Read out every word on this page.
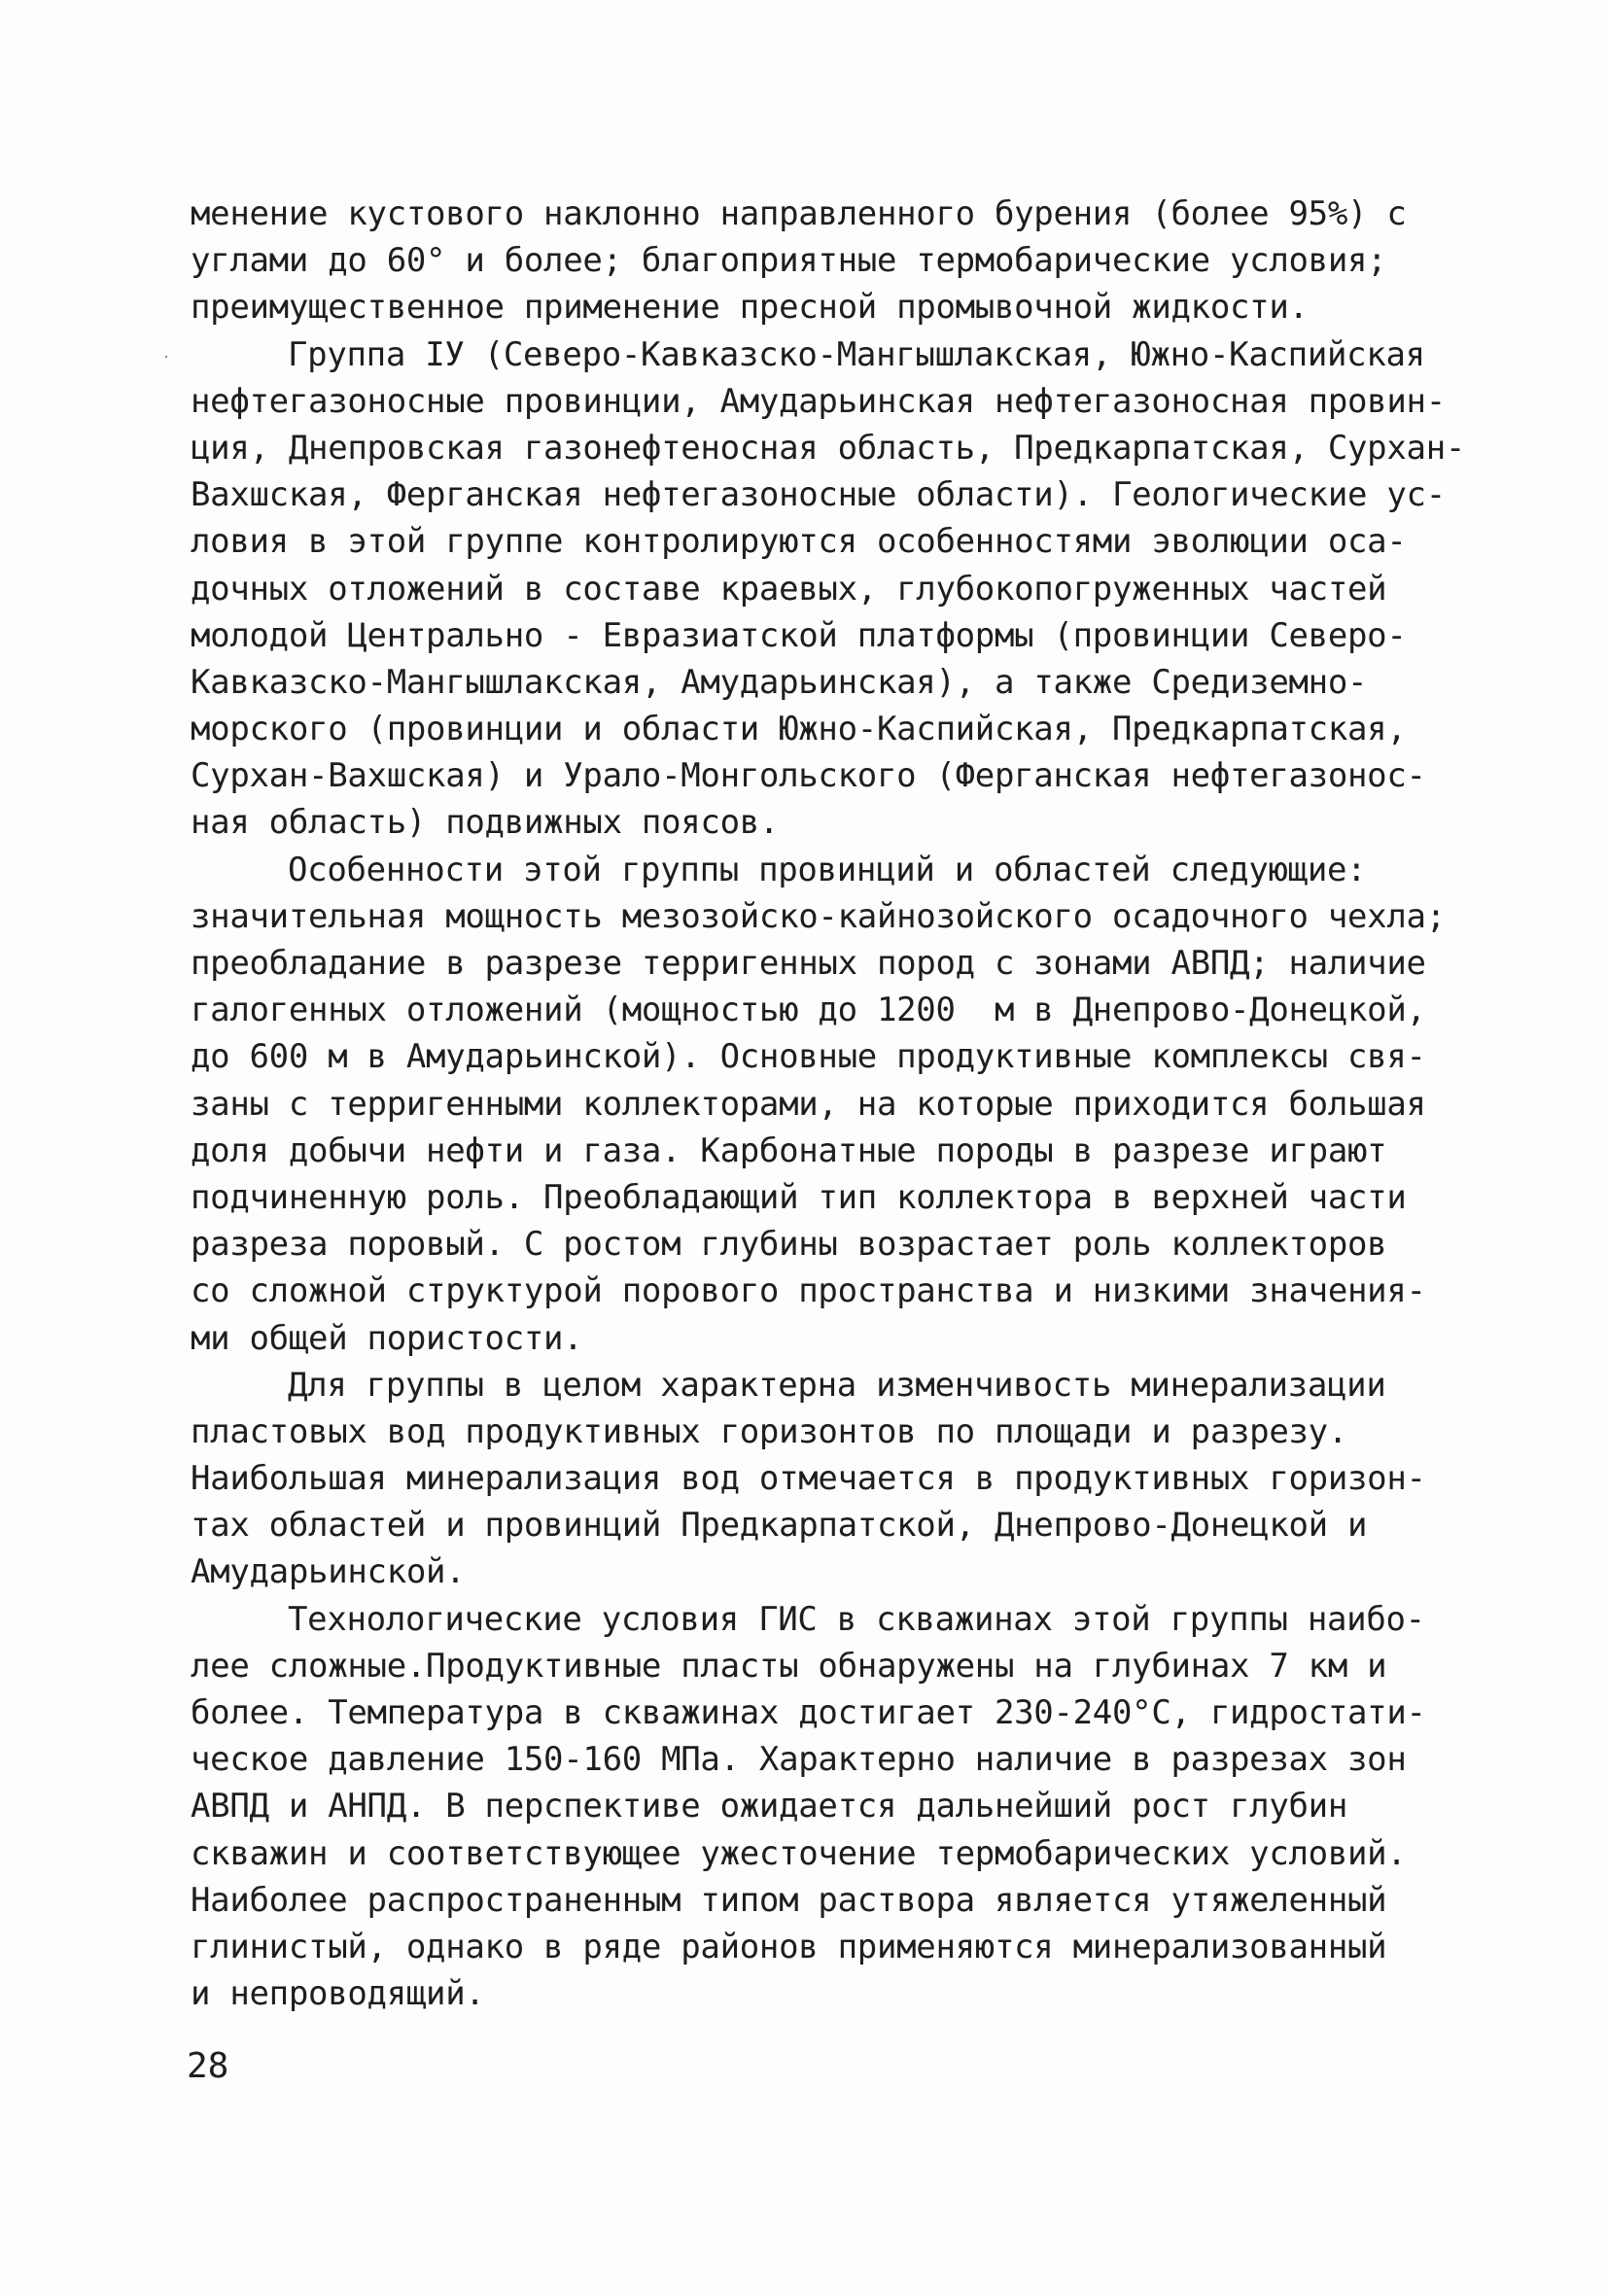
менение кустового наклонно направленного бурения (более 95%) с
углами до 60° и более; благоприятные термобарические условия;
преимущественное применение пресной промывочной жидкости.
Группа IУ (Северо-Кавказско-Мангышлакская, Южно-Каспийская
нефтегазоносные провинции, Амударьинская нефтегазоносная провин-
ция, Днепровская газонефтеносная область, Предкарпатская, Сурхан-
Вахшская, Ферганская нефтегазоносные области). Геологические ус-
ловия в этой группе контролируются особенностями эволюции оса-
дочных отложений в составе краевых, глубокопогруженных частей
молодой Центрально - Евразиатской платформы (провинции Северо-
Кавказско-Мангышлакская, Амударьинская), а также Средиземно-
морского (провинции и области Южно-Каспийская, Предкарпатская,
Сурхан-Вахшская) и Урало-Монгольского (Ферганская нефтегазонос-
ная область) подвижных поясов.
Особенности этой группы провинций и областей следующие:
значительная мощность мезозойско-кайнозойского осадочного чехла;
преобладание в разрезе терригенных пород с зонами АВПД; наличие
галогенных отложений (мощностью до 1200  м в Днепрово-Донецкой,
до 600 м в Амударьинской). Основные продуктивные комплексы свя-
заны с терригенными коллекторами, на которые приходится большая
доля добычи нефти и газа. Карбонатные породы в разрезе играют
подчиненную роль. Преобладающий тип коллектора в верхней части
разреза поровый. С ростом глубины возрастает роль коллекторов
со сложной структурой порового пространства и низкими значения-
ми общей пористости.
Для группы в целом характерна изменчивость минерализации
пластовых вод продуктивных горизонтов по площади и разрезу.
Наибольшая минерализация вод отмечается в продуктивных горизон-
тах областей и провинций Предкарпатской, Днепрово-Донецкой и
Амударьинской.
Технологические условия ГИС в скважинах этой группы наибо-
лее сложные.Продуктивные пласты обнаружены на глубинах 7 км и
более. Температура в скважинах достигает 230-240°С, гидростати-
ческое давление 150-160 МПа. Характерно наличие в разрезах зон
АВПД и АНПД. В перспективе ожидается дальнейший рост глубин
скважин и соответствующее ужесточение термобарических условий.
Наиболее распространенным типом раствора является утяжеленный
глинистый, однако в ряде районов применяются минерализованный
и непроводящий.
28
